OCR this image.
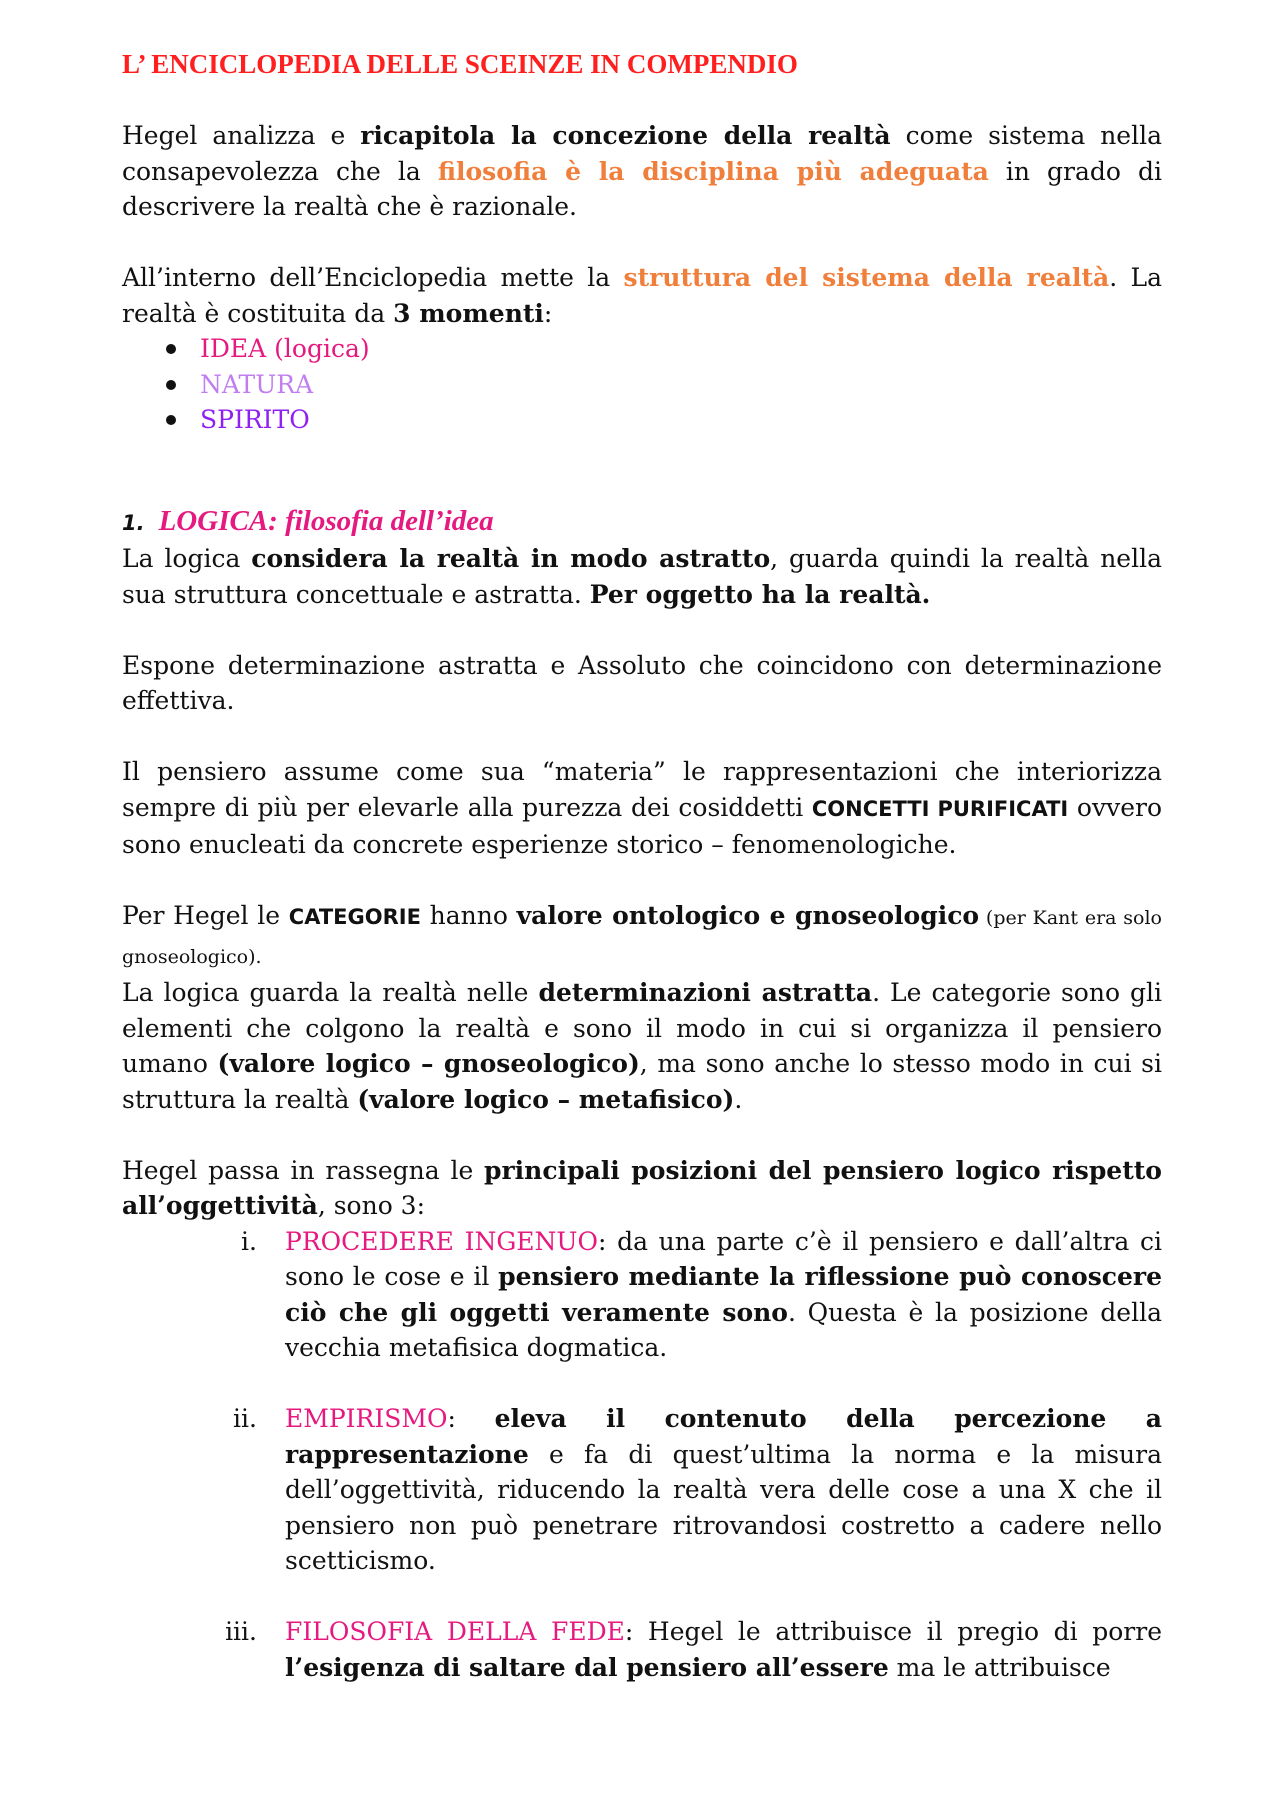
L’ ENCICLOPEDIA DELLE SCEINZE IN COMPENDIO

Hegel analizza e ricapitola la concezione della realtà come sistema nella consapevolezza che la filosofia è la disciplina più adeguata in grado di descrivere la realtà che è razionale.

All’interno dell’Enciclopedia mette la struttura del sistema della realtà. La realtà è costituita da 3 momenti:

IDEA (logica)
NATURA
SPIRITO
1. LOGICA: filosofia dell’idea

La logica considera la realtà in modo astratto, guarda quindi la realtà nella sua struttura concettuale e astratta. Per oggetto ha la realtà.

Espone determinazione astratta e Assoluto che coincidono con determinazione effettiva.

Il pensiero assume come sua “materia” le rappresentazioni che interiorizza sempre di più per elevarle alla purezza dei cosiddetti CONCETTI PURIFICATI ovvero sono enucleati da concrete esperienze storico – fenomenologiche.

Per Hegel le CATEGORIE hanno valore ontologico e gnoseologico (per Kant era solo gnoseologico).

La logica guarda la realtà nelle determinazioni astratta. Le categorie sono gli elementi che colgono la realtà e sono il modo in cui si organizza il pensiero umano (valore logico – gnoseologico), ma sono anche lo stesso modo in cui si struttura la realtà (valore logico – metafisico).

Hegel passa in rassegna le principali posizioni del pensiero logico rispetto all’oggettività, sono 3:

i. PROCEDERE INGENUO: da una parte c’è il pensiero e dall’altra ci sono le cose e il pensiero mediante la riflessione può conoscere ciò che gli oggetti veramente sono. Questa è la posizione della vecchia metafisica dogmatica.

ii. EMPIRISMO: eleva il contenuto della percezione a rappresentazione e fa di quest’ultima la norma e la misura dell’oggettività, riducendo la realtà vera delle cose a una X che il pensiero non può penetrare ritrovandosi costretto a cadere nello scetticismo.

iii. FILOSOFIA DELLA FEDE: Hegel le attribuisce il pregio di porre l’esigenza di saltare dal pensiero all’essere ma le attribuisce
